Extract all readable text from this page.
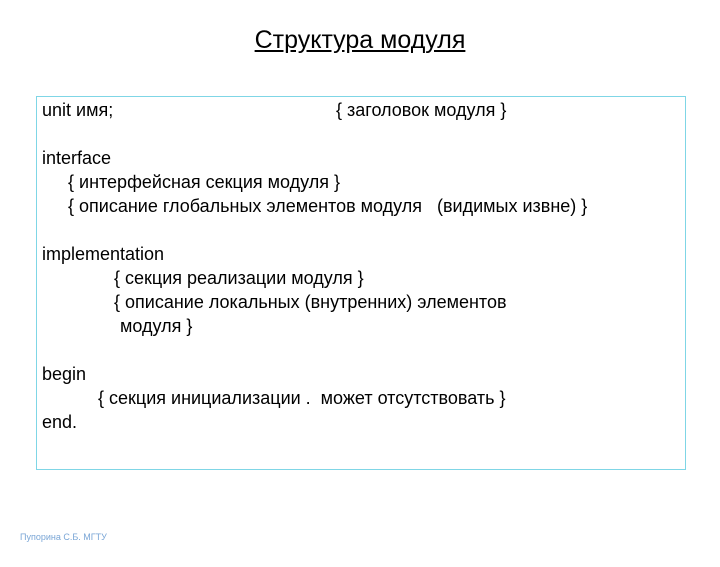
Структура модуля
unit имя;	{ заголовок модуля }
interface
{ интерфейсная секция модуля }
{ описание глобальных элементов модуля   (видимых извне) }
implementation
{ секция реализации модуля }
{ описание локальных (внутренних) элементов
модуля }
begin
{ секция инициализации .  может отсутствовать }
end.
Пупорина С.Б. МГТУ
